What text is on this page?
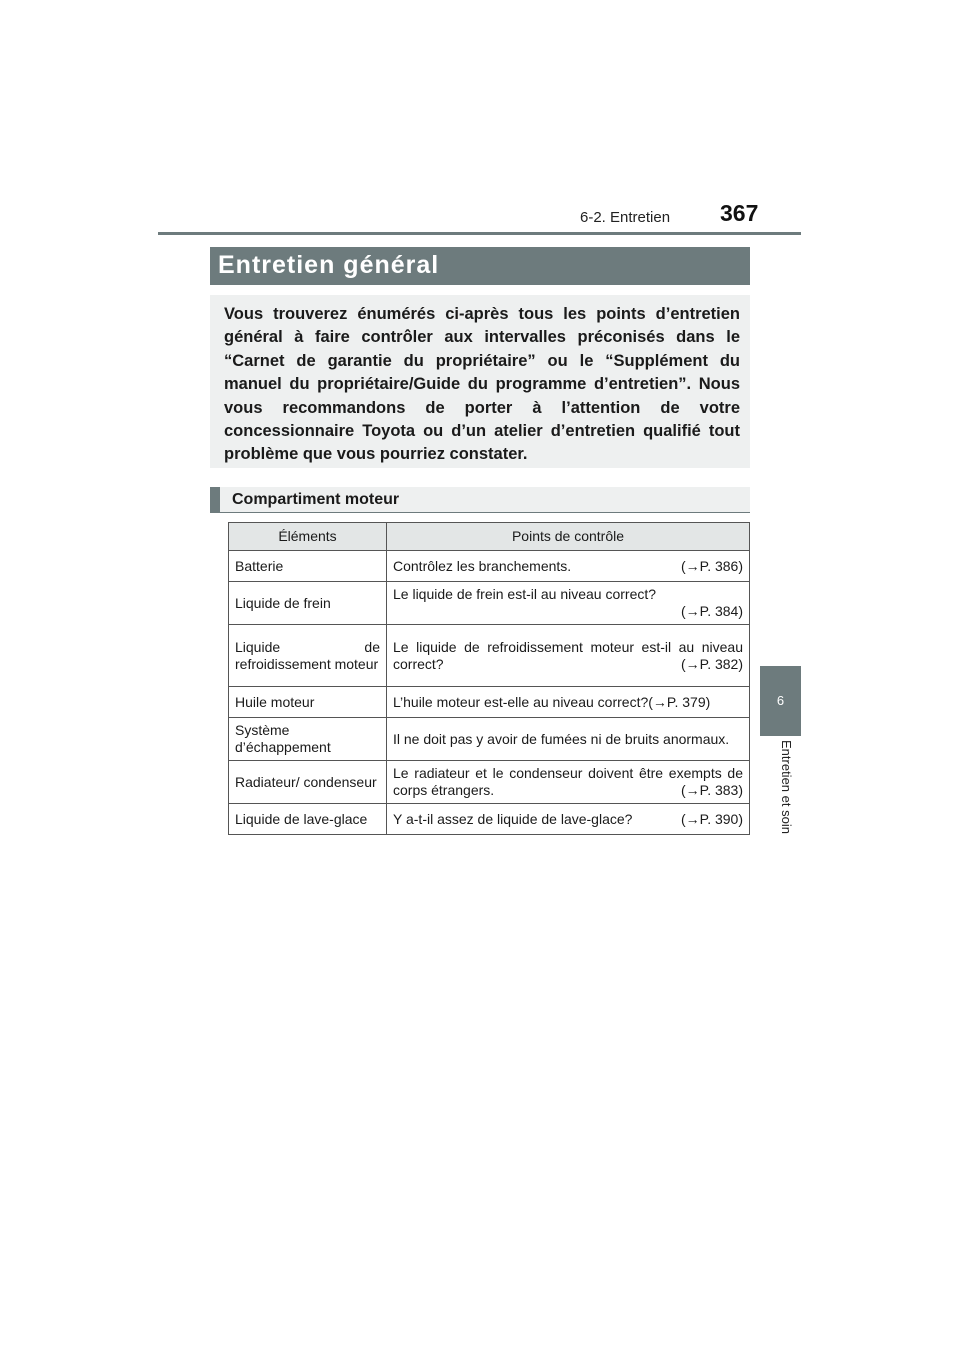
6-2. Entretien 367
6
Entretien et soin
Entretien général
Vous trouverez énumérés ci-après tous les points d’entretien général à faire contrôler aux intervalles préconisés dans le “Carnet de garantie du propriétaire” ou le “Supplément du manuel du propriétaire/Guide du programme d’entretien”. Nous vous recommandons de porter à l’attention de votre concessionnaire Toyota ou d’un atelier d’entretien qualifié tout problème que vous pourriez constater.
Compartiment moteur
Éléments	Points de contrôle
Batterie	Contrôlez les branchements. (→P. 386)

Liquide de frein	Le liquide de frein est-il au niveau correct?
(→P. 384)

Liquide de refroidissement moteur	Le liquide de refroidissement moteur est-il au niveau correct? (→P. 382)

Huile moteur	L’huile moteur est-elle au niveau correct?(→P. 379)
Système d’échappement	Il ne doit pas y avoir de fumées ni de bruits anormaux.
Radiateur/ condenseur	Le radiateur et le condenseur doivent être exempts de corps étrangers. (→P. 383)

Liquide de lave-glace	Y a-t-il assez de liquide de lave-glace? (→P. 390)
